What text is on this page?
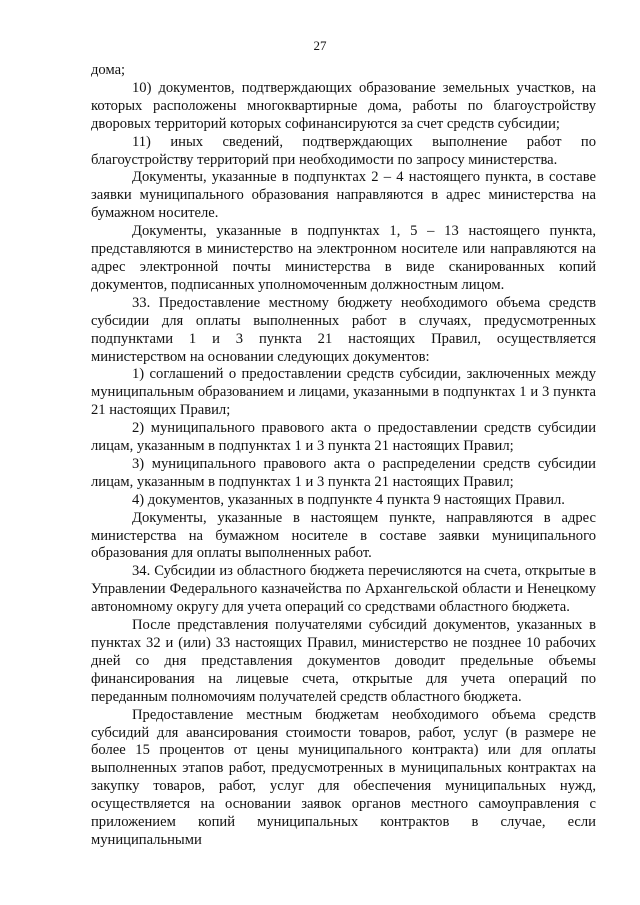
27

дома;

10) документов, подтверждающих образование земельных участков, на которых расположены многоквартирные дома, работы по благоустройству дворовых территорий которых софинансируются за счет средств субсидии;

11) иных сведений, подтверждающих выполнение работ по благоустройству территорий при необходимости по запросу министерства.

Документы, указанные в подпунктах 2 – 4 настоящего пункта, в составе заявки муниципального образования направляются в адрес министерства на бумажном носителе.

Документы, указанные в подпунктах 1, 5 – 13 настоящего пункта, представляются в министерство на электронном носителе или направляются на адрес электронной почты министерства в виде сканированных копий документов, подписанных уполномоченным должностным лицом.

33. Предоставление местному бюджету необходимого объема средств субсидии для оплаты выполненных работ в случаях, предусмотренных подпунктами 1 и 3 пункта 21 настоящих Правил, осуществляется министерством на основании следующих документов:

1) соглашений о предоставлении средств субсидии, заключенных между муниципальным образованием и лицами, указанными в подпунктах 1 и 3 пункта 21 настоящих Правил;

2) муниципального правового акта о предоставлении средств субсидии лицам, указанным в подпунктах 1 и 3 пункта 21 настоящих Правил;

3) муниципального правового акта о распределении средств субсидии лицам, указанным в подпунктах 1 и 3 пункта 21 настоящих Правил;

4) документов, указанных в подпункте 4 пункта 9 настоящих Правил.

Документы, указанные в настоящем пункте, направляются в адрес министерства на бумажном носителе в составе заявки муниципального образования для оплаты выполненных работ.

34. Субсидии из областного бюджета перечисляются на счета, открытые в Управлении Федерального казначейства по Архангельской области и Ненецкому автономному округу для учета операций со средствами областного бюджета.

После представления получателями субсидий документов, указанных в пунктах 32 и (или) 33 настоящих Правил, министерство не позднее 10 рабочих дней со дня представления документов доводит предельные объемы финансирования на лицевые счета, открытые для учета операций по переданным полномочиям получателей средств областного бюджета.

Предоставление местным бюджетам необходимого объема средств субсидий для авансирования стоимости товаров, работ, услуг (в размере не более 15 процентов от цены муниципального контракта) или для оплаты выполненных этапов работ, предусмотренных в муниципальных контрактах на закупку товаров, работ, услуг для обеспечения муниципальных нужд, осуществляется на основании заявок органов местного самоуправления с приложением копий муниципальных контрактов в случае, если муниципальными
